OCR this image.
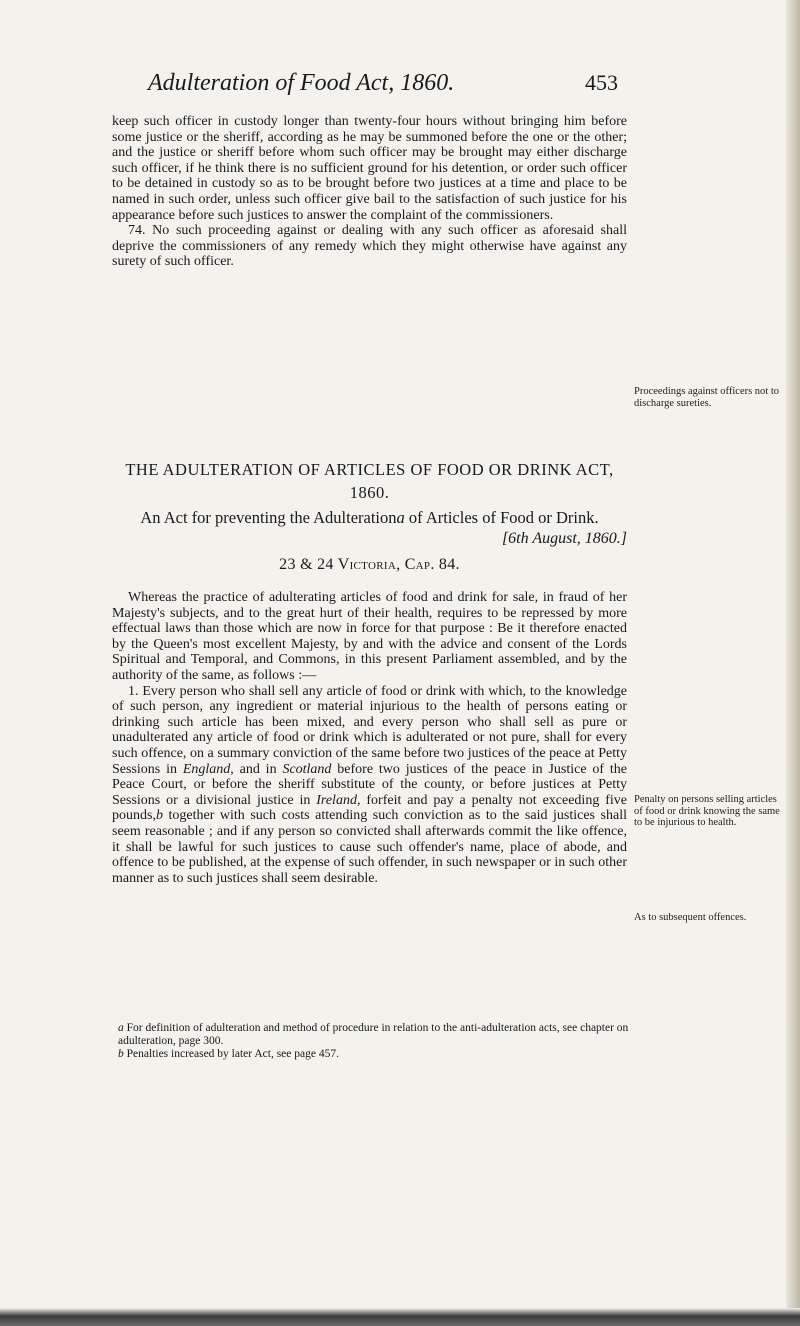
Adulteration of Food Act, 1860.	453

keep such officer in custody longer than twenty-four hours without bringing him before some justice or the sheriff, according as he may be summoned before the one or the other; and the justice or sheriff before whom such officer may be brought may either discharge such officer, if he think there is no sufficient ground for his detention, or order such officer to be detained in custody so as to be brought before two justices at a time and place to be named in such order, unless such officer give bail to the satisfaction of such justice for his appearance before such justices to answer the complaint of the commissioners.

74. No such proceeding against or dealing with any such officer as aforesaid shall deprive the commissioners of any remedy which they might otherwise have against any surety of such officer.

Proceedings against officers not to discharge sureties.
THE ADULTERATION OF ARTICLES OF FOOD OR DRINK ACT, 1860.
An Act for preventing the Adulterationa of Articles of Food or Drink.
[6th August, 1860.]
23 & 24 Victoria, Cap. 84.

Whereas the practice of adulterating articles of food and drink for sale, in fraud of her Majesty's subjects, and to the great hurt of their health, requires to be repressed by more effectual laws than those which are now in force for that purpose : Be it therefore enacted by the Queen's most excellent Majesty, by and with the advice and consent of the Lords Spiritual and Temporal, and Commons, in this present Parliament assembled, and by the authority of the same, as follows :—

1. Every person who shall sell any article of food or drink with which, to the knowledge of such person, any ingredient or material injurious to the health of persons eating or drinking such article has been mixed, and every person who shall sell as pure or unadulterated any article of food or drink which is adulterated or not pure, shall for every such offence, on a summary conviction of the same before two justices of the peace at Petty Sessions in England, and in Scotland before two justices of the peace in Justice of the Peace Court, or before the sheriff substitute of the county, or before justices at Petty Sessions or a divisional justice in Ireland, forfeit and pay a penalty not exceeding five pounds,b together with such costs attending such conviction as to the said justices shall seem reasonable ; and if any person so convicted shall afterwards commit the like offence, it shall be lawful for such justices to cause such offender's name, place of abode, and offence to be published, at the expense of such offender, in such newspaper or in such other manner as to such justices shall seem desirable.

Penalty on persons selling articles of food or drink knowing the same to be injurious to health.
As to subsequent offences.

a For definition of adulteration and method of procedure in relation to the anti-adulteration acts, see chapter on adulteration, page 300.

b Penalties increased by later Act, see page 457.
